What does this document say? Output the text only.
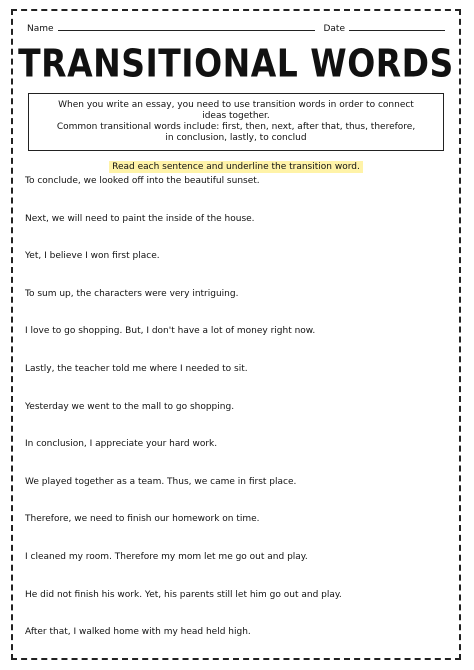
Name	Date
TRANSITIONAL WORDS
When you write an essay, you need to use transition words in order to connect ideas together.
Common transitional words include: first, then, next, after that, thus, therefore, in conclusion, lastly, to conclud
Read each sentence and underline the transition word.
To conclude, we looked off into the beautiful sunset.
Next, we will need to paint the inside of the house.
Yet, I believe I won first place.
To sum up, the characters were very intriguing.
I love to go shopping. But, I don't have a lot of money right now.
Lastly, the teacher told me where I needed to sit.
Yesterday we went to the mall to go shopping.
In conclusion, I appreciate your hard work.
We played together as a team. Thus, we came in first place.
Therefore, we need to finish our homework on time.
I cleaned my room. Therefore my mom let me go out and play.
He did not finish his work. Yet, his parents still let him go out and play.
After that, I walked home with my head held high.
